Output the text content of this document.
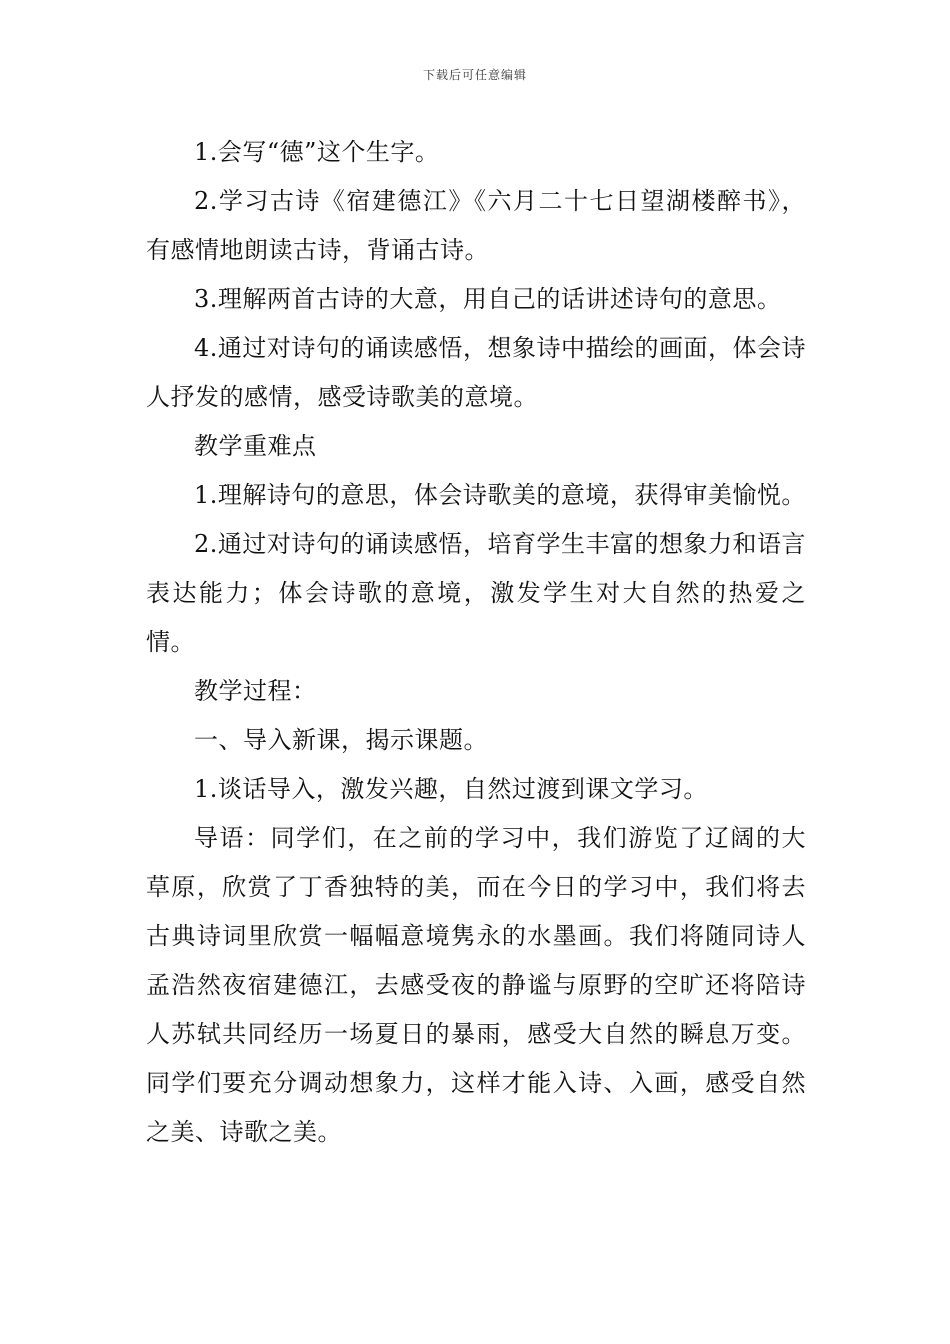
下载后可任意编辑

1.会写“德”这个生字。

2.学习古诗《宿建德江》《六月二十七日望湖楼醉书》，有感情地朗读古诗，背诵古诗。

3.理解两首古诗的大意，用自己的话讲述诗句的意思。

4.通过对诗句的诵读感悟，想象诗中描绘的画面，体会诗人抒发的感情，感受诗歌美的意境。

教学重难点

1.理解诗句的意思，体会诗歌美的意境，获得审美愉悦。

2.通过对诗句的诵读感悟，培育学生丰富的想象力和语言表达能力；体会诗歌的意境，激发学生对大自然的热爱之情。

教学过程：

一、导入新课，揭示课题。

1.谈话导入，激发兴趣，自然过渡到课文学习。

导语：同学们，在之前的学习中，我们游览了辽阔的大草原，欣赏了丁香独特的美，而在今日的学习中，我们将去古典诗词里欣赏一幅幅意境隽永的水墨画。我们将随同诗人孟浩然夜宿建德江，去感受夜的静谧与原野的空旷还将陪诗人苏轼共同经历一场夏日的暴雨，感受大自然的瞬息万变。同学们要充分调动想象力，这样才能入诗、入画，感受自然之美、诗歌之美。
